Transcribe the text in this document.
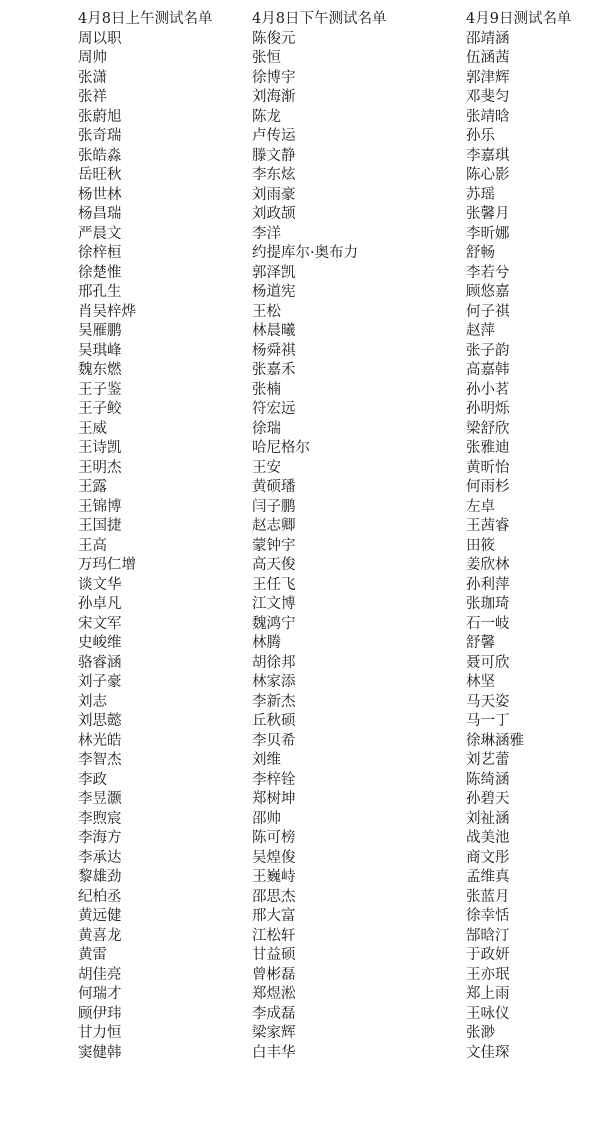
4月8日上午测试名单
周以职
周帅
张潇
张祥
张蔚旭
张奇瑞
张皓淼
岳旺秋
杨世林
杨昌瑞
严晨文
徐梓桓
徐楚惟
邢孔生
肖吴梓烨
吴雁鹏
吴琪峰
魏东燃
王子鉴
王子鲛
王威
王诗凯
王明杰
王露
王锦博
王国捷
王高
万玛仁增
谈文华
孙卓凡
宋文军
史峻维
骆睿涵
刘子豪
刘志
刘思懿
林光皓
李智杰
李政
李昱灏
李煦宸
李海方
李承达
黎雄劲
纪柏丞
黄远健
黄喜龙
黄雷
胡佳亮
何瑞才
顾伊玮
甘力恒
窦健韩
4月8日下午测试名单
陈俊元
张恒
徐博宇
刘海渐
陈龙
卢传运
滕文静
李东炫
刘雨豪
刘政颉
李洋
约提库尔·奥布力
郭泽凯
杨道宪
王松
林晨曦
杨舜祺
张嘉禾
张楠
符宏远
徐瑞
哈尼格尔
王安
黄硕璠
闫子鹏
赵志卿
蒙钟宇
高天俊
王任飞
江文博
魏鸿宁
林腾
胡徐邦
林家添
李新杰
丘秋硕
李贝希
刘维
李梓铨
郑树坤
邵帅
陈可榜
吴煌俊
王巍峙
邵思杰
邢大富
江松轩
甘益硕
曾彬磊
郑煜淞
李成磊
梁家辉
白丰华
4月9日测试名单
邵靖涵
伍涵茜
郭津辉
邓斐匀
张靖晗
孙乐
李嘉琪
陈心影
苏瑶
张馨月
李昕娜
舒畅
李若兮
顾悠嘉
何子祺
赵萍
张子韵
高嘉韩
孙小茗
孙明烁
梁舒欣
张雅迪
黄昕怡
何雨杉
左卓
王茜睿
田筱
姜欣林
孙利萍
张珈琦
石一岐
舒馨
聂可欣
林坚
马天姿
马一丁
徐琳涵雅
刘艺蕾
陈绮涵
孙碧天
刘祉涵
战美池
商文彤
孟维真
张蓝月
徐幸恬
郜晗汀
于政妍
王亦珉
郑上雨
王咏仪
张渺
文佳琛
